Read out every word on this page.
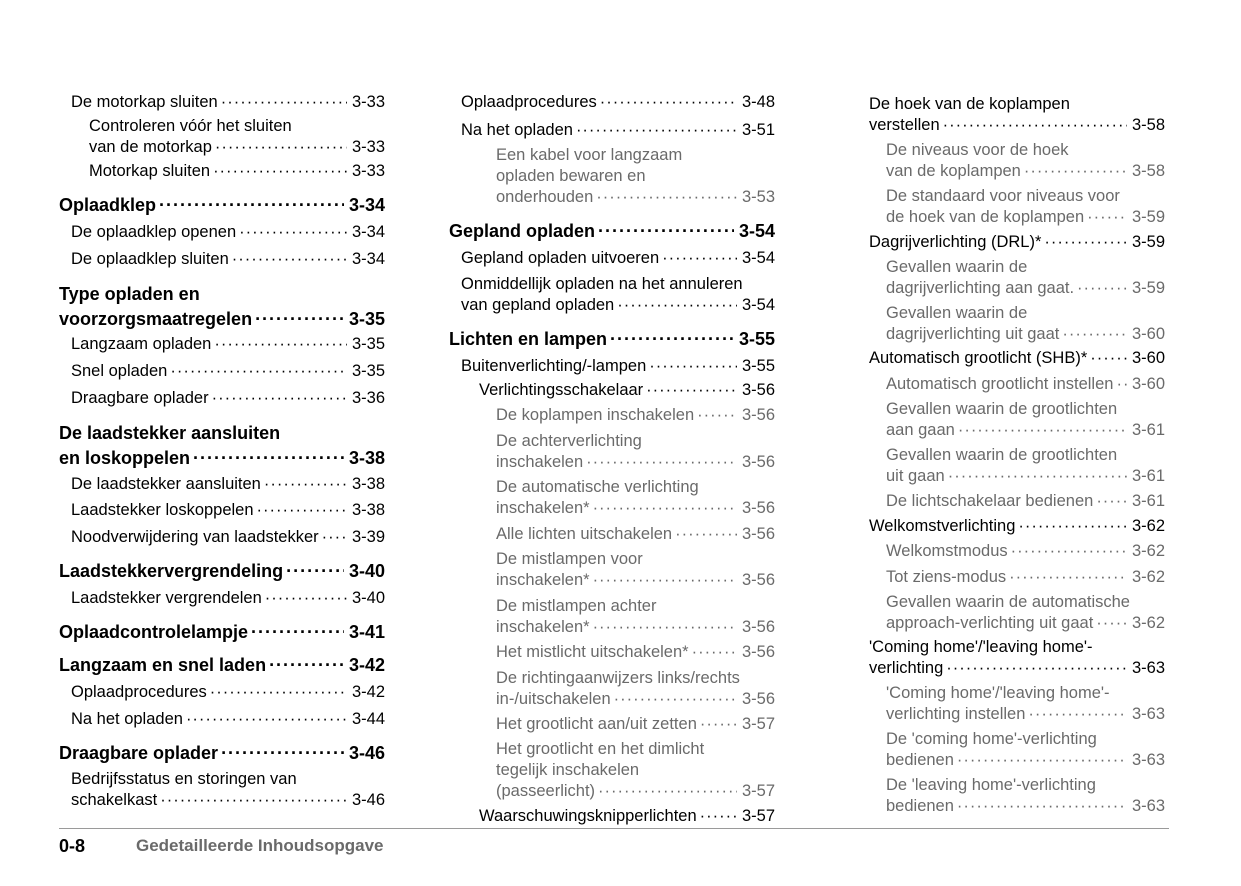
De motorkap sluiten ·····	3-33
Controleren vóór het sluiten
van de motorkap ·····	3-33
Motorkap sluiten ·····	3-33
Oplaadklep ·····	3-34
De oplaadklep openen ·····	3-34
De oplaadklep sluiten ·····	3-34
Type opladen en
voorzorgsmaatregelen ·····	3-35
Langzaam opladen ·····	3-35
Snel opladen ·····	3-35
Draagbare oplader ·····	3-36
De laadstekker aansluiten
en loskoppelen ·····	3-38
De laadstekker aansluiten ·····	3-38
Laadstekker loskoppelen ·····	3-38
Noodverwijdering van laadstekker ····· 3-39
Laadstekkervergrendeling ·····	3-40
Laadstekker vergrendelen ·····	3-40
Oplaadcontrolelampje ·····	3-41
Langzaam en snel laden ·····	3-42
Oplaadprocedures ·····	3-42
Na het opladen ·····	3-44
Draagbare oplader ·····	3-46
Bedrijfsstatus en storingen van
schakelkast ·····	3-46
Oplaadprocedures ·····	3-48
Na het opladen ·····	3-51
Een kabel voor langzaam
opladen bewaren en
onderhouden ·····	3-53
Gepland opladen ·····	3-54
Gepland opladen uitvoeren ·····	3-54
Onmiddellijk opladen na het annuleren
van gepland opladen ·····	3-54
Lichten en lampen ·····	3-55
Buitenverlichting/-lampen ·····	3-55
Verlichtingsschakelaar ·····	3-56
De koplampen inschakelen ·····	3-56
De achterverlichting
inschakelen ·····	3-56
De automatische verlichting
inschakelen* ·····	3-56
Alle lichten uitschakelen ·····	3-56
De mistlampen voor
inschakelen* ·····	3-56
De mistlampen achter
inschakelen* ·····	3-56
Het mistlicht uitschakelen* ·····	3-56
De richtingaanwijzers links/rechts
in-/uitschakelen ·····	3-56
Het grootlicht aan/uit zetten ·····	3-57
Het grootlicht en het dimlicht
tegelijk inschakelen
(passeerlicht) ·····	3-57
Waarschuwingsknipperlichten ·····	3-57
De hoek van de koplampen
verstellen ·····	3-58
De niveaus voor de hoek
van de koplampen ·····	3-58
De standaard voor niveaus voor
de hoek van de koplampen ·····	3-59
Dagrijverlichting (DRL)* ·····	3-59
Gevallen waarin de
dagrijverlichting aan gaat. ·····	3-59
Gevallen waarin de
dagrijverlichting uit gaat ·····	3-60
Automatisch grootlicht (SHB)* ·····	3-60
Automatisch grootlicht instellen ····· 3-60
Gevallen waarin de grootlichten
aan gaan ·····	3-61
Gevallen waarin de grootlichten
uit gaan ·····	3-61
De lichtschakelaar bedienen ····· 3-61
Welkomstverlichting ·····	3-62
Welkomstmodus ·····	3-62
Tot ziens-modus ·····	3-62
Gevallen waarin de automatische
approach-verlichting uit gaat ····· 3-62
'Coming home'/'leaving home'-
verlichting ·····	3-63
'Coming home'/'leaving home'-
verlichting instellen ·····	3-63
De 'coming home'-verlichting
bedienen ·····	3-63
De 'leaving home'-verlichting
bedienen ·····	3-63
0-8	Gedetailleerde Inhoudsopgave
